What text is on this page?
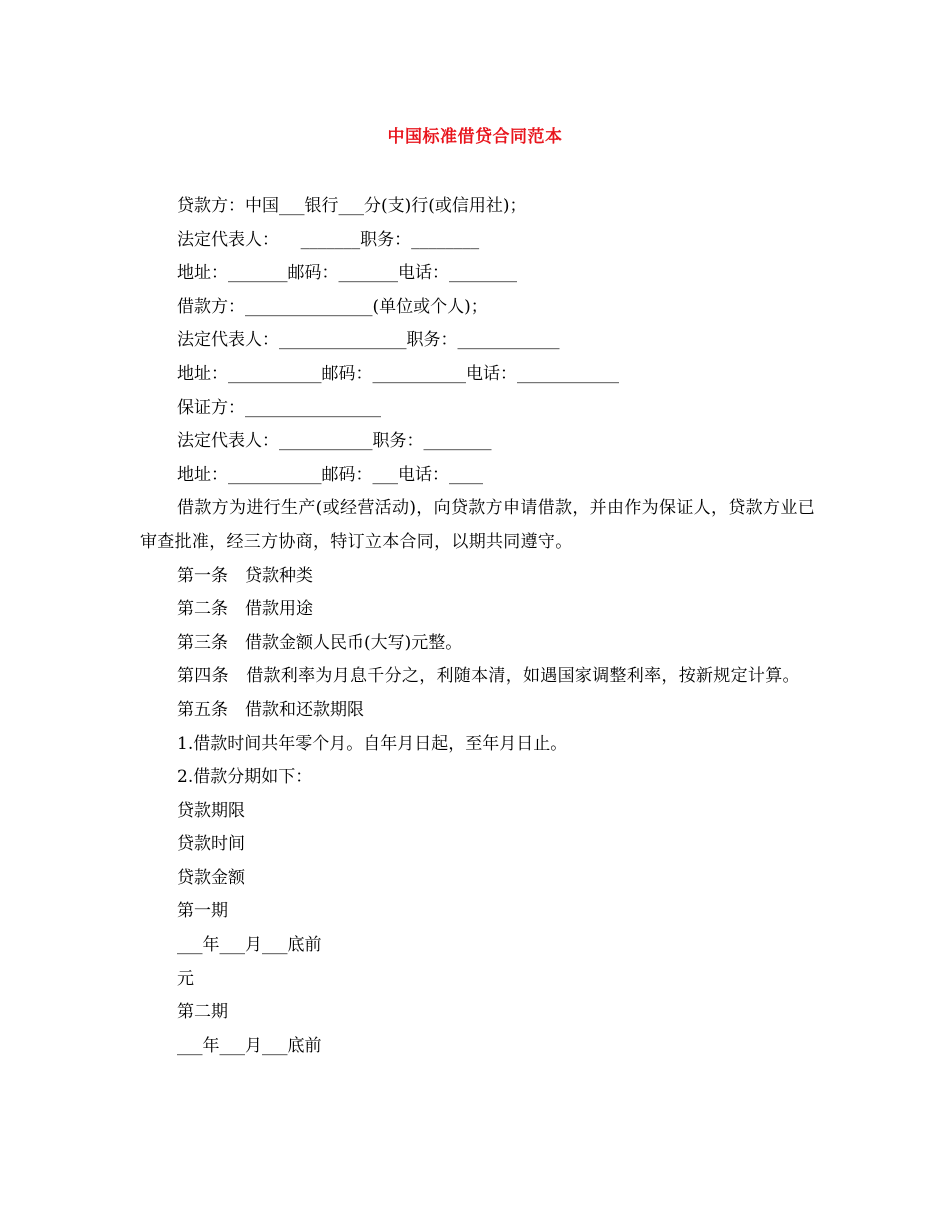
中国标准借贷合同范本
贷款方：中国___银行___分(支)行(或信用社)；
法定代表人：    _______职务：________
地址：_______邮码：_______电话：________
借款方：_______________(单位或个人)；
法定代表人：_______________职务：____________
地址：___________邮码：___________电话：____________
保证方：________________
法定代表人：___________职务：________
地址：___________邮码：___电话：____
借款方为进行生产(或经营活动)，向贷款方申请借款，并由作为保证人，贷款方业已审查批准，经三方协商，特订立本合同，以期共同遵守。
第一条　贷款种类
第二条　借款用途
第三条　借款金额人民币(大写)元整。
第四条　借款利率为月息千分之，利随本清，如遇国家调整利率，按新规定计算。
第五条　借款和还款期限
1.借款时间共年零个月。自年月日起，至年月日止。
2.借款分期如下：
贷款期限
贷款时间
贷款金额
第一期
___年___月___底前
元
第二期
___年___月___底前
